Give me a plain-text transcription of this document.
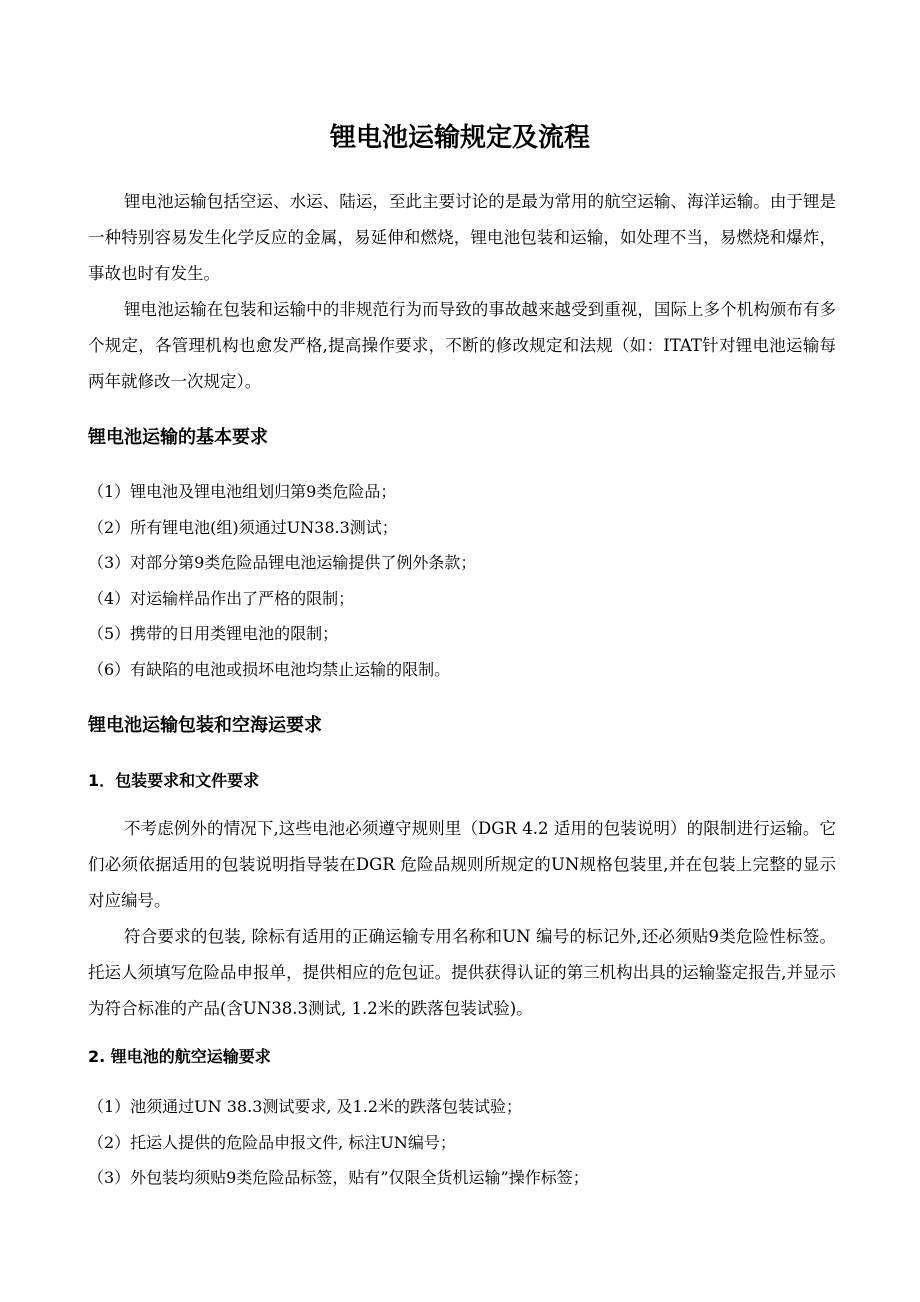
锂电池运输规定及流程

锂电池运输包括空运、水运、陆运，至此主要讨论的是最为常用的航空运输、海洋运输。由于锂是一种特别容易发生化学反应的金属，易延伸和燃烧，锂电池包装和运输，如处理不当，易燃烧和爆炸，事故也时有发生。

锂电池运输在包装和运输中的非规范行为而导致的事故越来越受到重视，国际上多个机构颁布有多个规定，各管理机构也愈发严格,提高操作要求，不断的修改规定和法规（如：ITAT针对锂电池运输每两年就修改一次规定）。

锂电池运输的基本要求
（1）锂电池及锂电池组划归第9类危险品；
（2）所有锂电池(组)须通过UN38.3测试；
（3）对部分第9类危险品锂电池运输提供了例外条款；
（4）对运输样品作出了严格的限制；
（5）携带的日用类锂电池的限制；
（6）有缺陷的电池或损坏电池均禁止运输的限制。
锂电池运输包装和空海运要求
1．包装要求和文件要求

不考虑例外的情况下,这些电池必须遵守规则里（DGR 4.2 适用的包装说明）的限制进行运输。它们必须依据适用的包装说明指导装在DGR 危险品规则所规定的UN规格包装里,并在包装上完整的显示对应编号。

符合要求的包装, 除标有适用的正确运输专用名称和UN 编号的标记外,还必须贴9类危险性标签。托运人须填写危险品申报单，提供相应的危包证。提供获得认证的第三机构出具的运输鉴定报告,并显示为符合标准的产品(含UN38.3测试, 1.2米的跌落包装试验)。

2. 锂电池的航空运输要求
（1）池须通过UN 38.3测试要求, 及1.2米的跌落包装试验；
（2）托运人提供的危险品申报文件, 标注UN编号；
（3）外包装均须贴9类危险品标签，贴有”仅限全货机运输”操作标签；
